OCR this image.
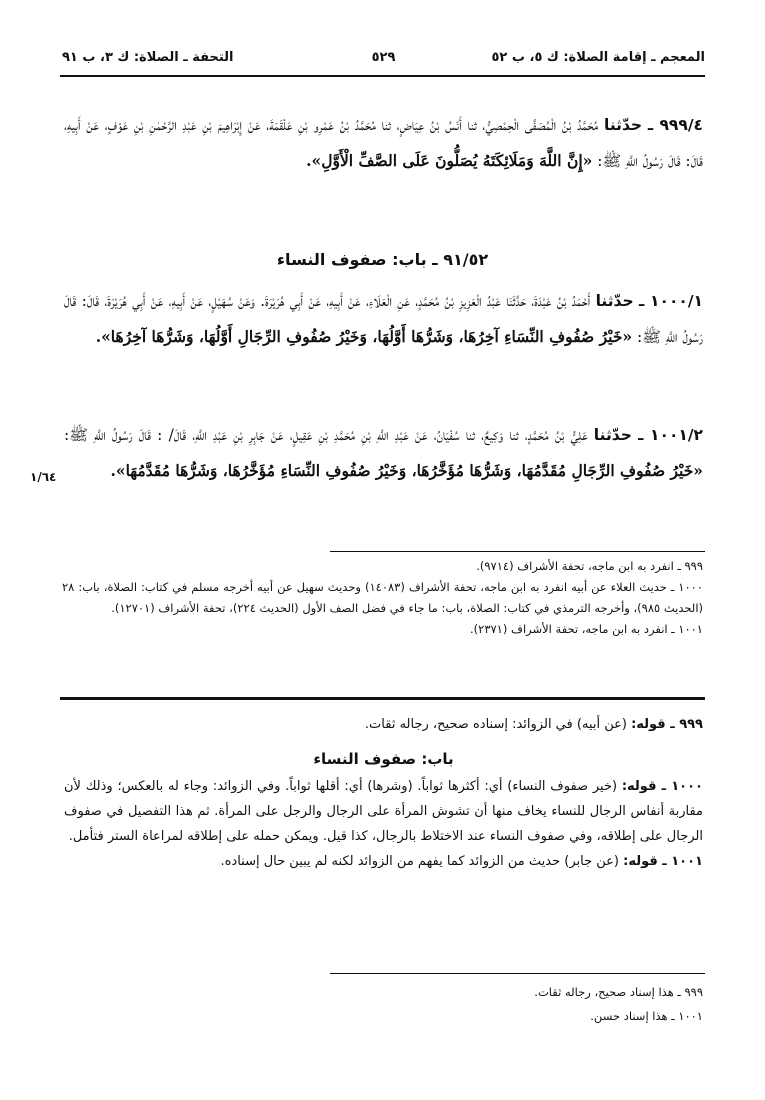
المعجم ـ إقامة الصلاة: ك ٥، ب ٥٢
٥٢٩
التحفة ـ الصلاة: ك ٣، ب ٩١

٩٩٩/٤ ـ حدّثنا مُحَمَّدُ بْنُ الْمُصَفَّى الْحِمْصِيُّ، ثنا أَنَسُ بْنُ عِيَاضٍ، ثنا مُحَمَّدُ بْنُ عَمْرِو بْنِ عَلْقَمَةَ، عَنْ إِبْرَاهِيمَ بْنِ عَبْدِ الرَّحْمٰنِ بْنِ عَوْفٍ، عَنْ أَبِيهِ، قَالَ: قَالَ رَسُولُ اللَّهِ ﷺ: «إِنَّ اللَّهَ وَمَلَائِكَتَهُ يُصَلُّونَ عَلَى الصَّفِّ الْأَوَّلِ».

٩١/٥٢ ـ باب: صفوف النساء

١٠٠٠/١ ـ حدّثنا أَحْمَدُ بْنُ عَبْدَةَ، حَدَّثَنَا عَبْدُ الْعَزِيزِ بْنُ مُحَمَّدٍ، عَنِ الْعَلَاءِ، عَنْ أَبِيهِ، عَنْ أَبِي هُرَيْرَةَ. وَعَنْ سُهَيْلٍ، عَنْ أَبِيهِ، عَنْ أَبِي هُرَيْرَةَ، قَالَ: قَالَ رَسُولُ اللَّهِ ﷺ: «خَيْرُ صُفُوفِ النِّسَاءِ آخِرُهَا، وَشَرُّهَا أَوَّلُهَا، وَخَيْرُ صُفُوفِ الرِّجَالِ أَوَّلُهَا، وَشَرُّهَا آخِرُهَا».

١٠٠١/٢ ـ حدّثنا عَلِيُّ بْنُ مُحَمَّدٍ، ثنا وَكِيعٌ، ثنا سُفْيَانُ، عَنْ عَبْدِ اللَّهِ بْنِ مُحَمَّدِ بْنِ عَقِيلٍ، عَنْ جَابِرِ بْنِ عَبْدِ اللَّهِ، قَالَ/ : قَالَ رَسُولُ اللَّهِ ﷺ: «خَيْرُ صُفُوفِ الرِّجَالِ مُقَدَّمُهَا، وَشَرُّهَا مُؤَخَّرُهَا، وَخَيْرُ صُفُوفِ النِّسَاءِ مُؤَخَّرُهَا، وَشَرُّهَا مُقَدَّمُهَا».

١/٦٤

٩٩٩ ـ انفرد به ابن ماجه، تحفة الأشراف (٩٧١٤).

١٠٠٠ ـ حديث العلاء عن أبيه انفرد به ابن ماجه، تحفة الأشراف (١٤٠٨٣) وحديث سهيل عن أبيه أخرجه مسلم في كتاب: الصلاة، باب: ٢٨ (الحديث ٩٨٥)، وأخرجه الترمذي في كتاب: الصلاة، باب: ما جاء في فضل الصف الأول (الحديث ٢٢٤)، تحفة الأشراف (١٢٧٠١).

١٠٠١ ـ انفرد به ابن ماجه، تحفة الأشراف (٢٣٧١).

٩٩٩ ـ قوله: (عن أبيه) في الزوائد: إسناده صحيح، رجاله ثقات.

باب: صفوف النساء

١٠٠٠ ـ قوله: (خير صفوف النساء) أي: أكثرها ثواباً. (وشرها) أي: أقلها ثواباً. وفي الزوائد: وجاء له بالعكس؛ وذلك لأن مقاربة أنفاس الرجال للنساء يخاف منها أن تشوش المرأة على الرجال والرجل على المرأة. ثم هذا التفصيل في صفوف الرجال على إطلاقه، وفي صفوف النساء عند الاختلاط بالرجال، كذا قيل. ويمكن حمله على إطلاقه لمراعاة الستر فتأمل.

١٠٠١ ـ قوله: (عن جابر) حديث من الزوائد كما يفهم من الزوائد لكنه لم يبين حال إسناده.

٩٩٩ ـ هذا إسناد صحيح، رجاله ثقات.

١٠٠١ ـ هذا إسناد حسن.
